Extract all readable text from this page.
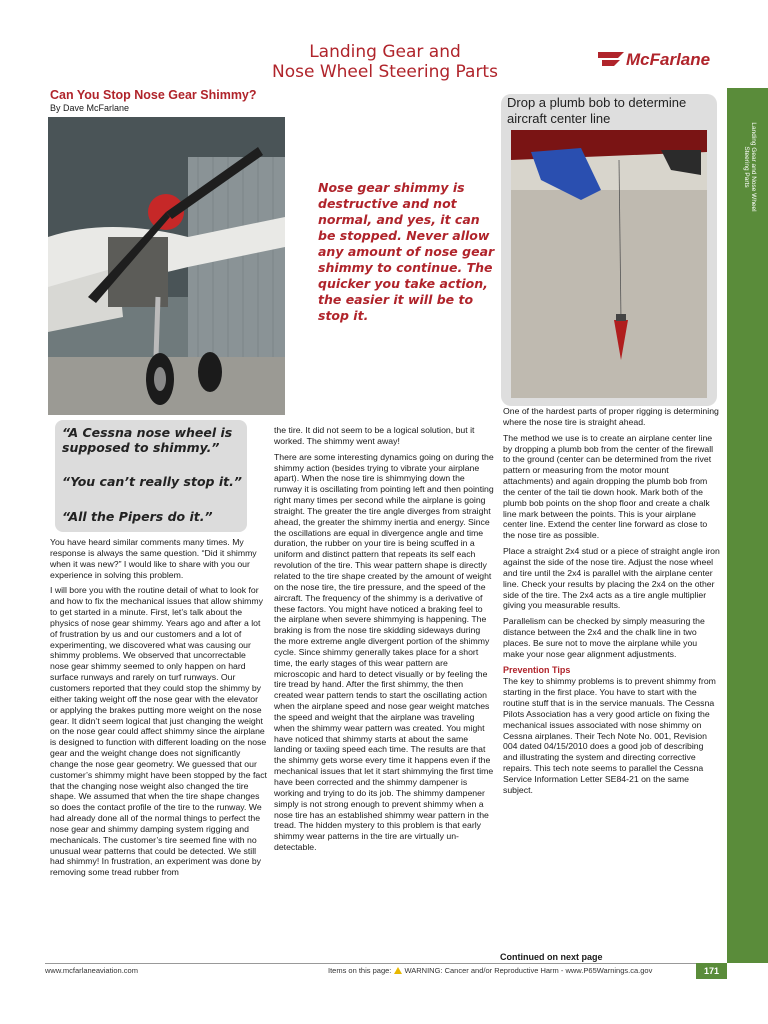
Landing Gear and
Nose Wheel Steering Parts
McFarlane
Landing Gear and Nose Wheel Steering Parts
Can You Stop Nose Gear Shimmy?
By Dave McFarlane
Nose gear shimmy is destructive and not normal, and yes, it can be stopped. Never allow any amount of nose gear shimmy to continue. The quicker you take action, the easier it will be to stop it.
Drop a plumb bob to determine aircraft center line
“A Cessna nose wheel is supposed to shimmy.”
“You can’t really stop it.”
“All the Pipers do it.”

You have heard similar comments many times. My response is always the same question. “Did it shimmy when it was new?” I would like to share with you our experience in solving this problem.

I will bore you with the routine detail of what to look for and how to fix the mechanical issues that allow shimmy to get started in a minute. First, let’s talk about the physics of nose gear shimmy. Years ago and after a lot of frustration by us and our customers and a lot of experimenting, we discovered what was causing our shimmy problems. We observed that uncorrectable nose gear shimmy seemed to only happen on hard surface runways and rarely on turf runways. Our customers reported that they could stop the shimmy by either taking weight off the nose gear with the elevator or applying the brakes putting more weight on the nose gear. It didn’t seem logical that just changing the weight on the nose gear could affect shimmy since the airplane is designed to function with different loading on the nose gear and the weight change does not significantly change the nose gear geometry. We guessed that our customer’s shimmy might have been stopped by the fact that the changing nose weight also changed the tire shape. We assumed that when the tire shape changes so does the contact profile of the tire to the runway. We had already done all of the normal things to perfect the nose gear and shimmy damping system rigging and mechanicals. The customer’s tire seemed fine with no unusual wear patterns that could be detected. We still had shimmy! In frustration, an experiment was done by removing some tread rubber from

the tire. It did not seem to be a logical solution, but it worked. The shimmy went away!

There are some interesting dynamics going on during the shimmy action (besides trying to vibrate your airplane apart). When the nose tire is shimmying down the runway it is oscillating from pointing left and then pointing right many times per second while the airplane is going straight. The greater the tire angle diverges from straight ahead, the greater the shimmy inertia and energy. Since the oscillations are equal in divergence angle and time duration, the rubber on your tire is being scuffed in a uniform and distinct pattern that repeats its self each revolution of the tire. This wear pattern shape is directly related to the tire shape created by the amount of weight on the nose tire, the tire pressure, and the speed of the aircraft. The frequency of the shimmy is a derivative of these factors. You might have noticed a braking feel to the airplane when severe shimmying is happening. The braking is from the nose tire skidding sideways during the more extreme angle divergent portion of the shimmy cycle. Since shimmy generally takes place for a short time, the early stages of this wear pattern are microscopic and hard to detect visually or by feeling the tire tread by hand. After the first shimmy, the then created wear pattern tends to start the oscillating action when the airplane speed and nose gear weight matches the speed and weight that the airplane was traveling when the shimmy wear pattern was created. You might have noticed that shimmy starts at about the same landing or taxiing speed each time. The results are that the shimmy gets worse every time it happens even if the mechanical issues that let it start shimmying the first time have been corrected and the shimmy dampener is working and trying to do its job. The shimmy dampener simply is not strong enough to prevent shimmy when a nose tire has an established shimmy wear pattern in the tread. The hidden mystery to this problem is that early shimmy wear patterns in the tire are virtually un-detectable.

One of the hardest parts of proper rigging is determining where the nose tire is straight ahead.

The method we use is to create an airplane center line by dropping a plumb bob from the center of the firewall to the ground (center can be determined from the rivet pattern or measuring from the motor mount attachments) and again dropping the plumb bob from the center of the tail tie down hook. Mark both of the plumb bob points on the shop floor and create a chalk line mark between the points. This is your airplane center line. Extend the center line forward as close to the nose tire as possible.

Place a straight 2x4 stud or a piece of straight angle iron against the side of the nose tire. Adjust the nose wheel and tire until the 2x4 is parallel with the airplane center line. Check your results by placing the 2x4 on the other side of the tire. The 2x4 acts as a tire angle multiplier giving you measurable results.

Parallelism can be checked by simply measuring the distance between the 2x4 and the chalk line in two places. Be sure not to move the airplane while you make your nose gear alignment adjustments.

Prevention Tips

The key to shimmy problems is to prevent shimmy from starting in the first place. You have to start with the routine stuff that is in the service manuals. The Cessna Pilots Association has a very good article on fixing the mechanical issues associated with nose shimmy on Cessna airplanes. Their Tech Note No. 001, Revision 004 dated 04/15/2010 does a good job of describing and illustrating the system and directing corrective repairs. This tech note seems to parallel the Cessna Service Information Letter SE84-21 on the same subject.

Continued on next page
www.mcfarlaneaviation.com	Items on this page: WARNING: Cancer and/or Reproductive Harm - www.P65Warnings.ca.gov	171
